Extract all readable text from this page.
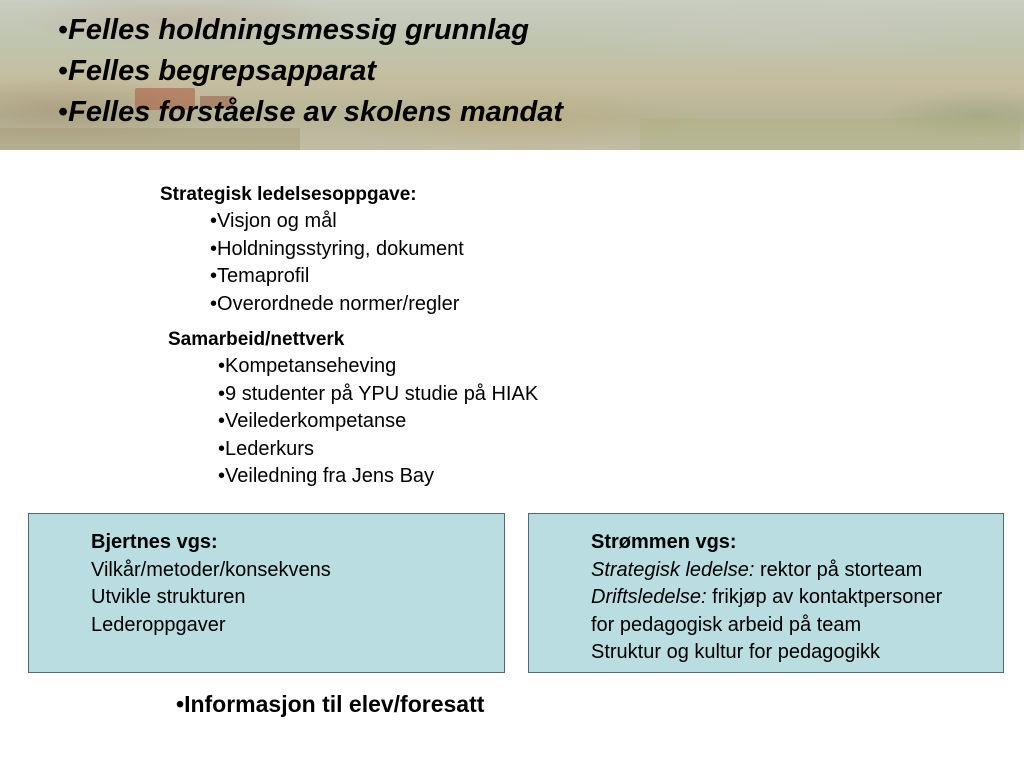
•Felles holdningsmessig grunnlag
•Felles begrepsapparat
•Felles forståelse av skolens mandat
Strategisk ledelsesoppgave:
•Visjon og mål
•Holdningsstyring, dokument
•Temaprofil
•Overordnede normer/regler
Samarbeid/nettverk
•Kompetanseheving
•9 studenter på YPU studie på HIAK
•Veilederkompetanse
•Lederkurs
•Veiledning fra Jens Bay
Bjertnes vgs:
Vilkår/metoder/konsekvens
Utvikle strukturen
Lederoppgaver
Strømmen vgs:
Strategisk ledelse: rektor på storteam
Driftsledelse: frikjøp av kontaktpersoner
for pedagogisk arbeid på team
Struktur og kultur for pedagogikk
•Informasjon til elev/foresatt
